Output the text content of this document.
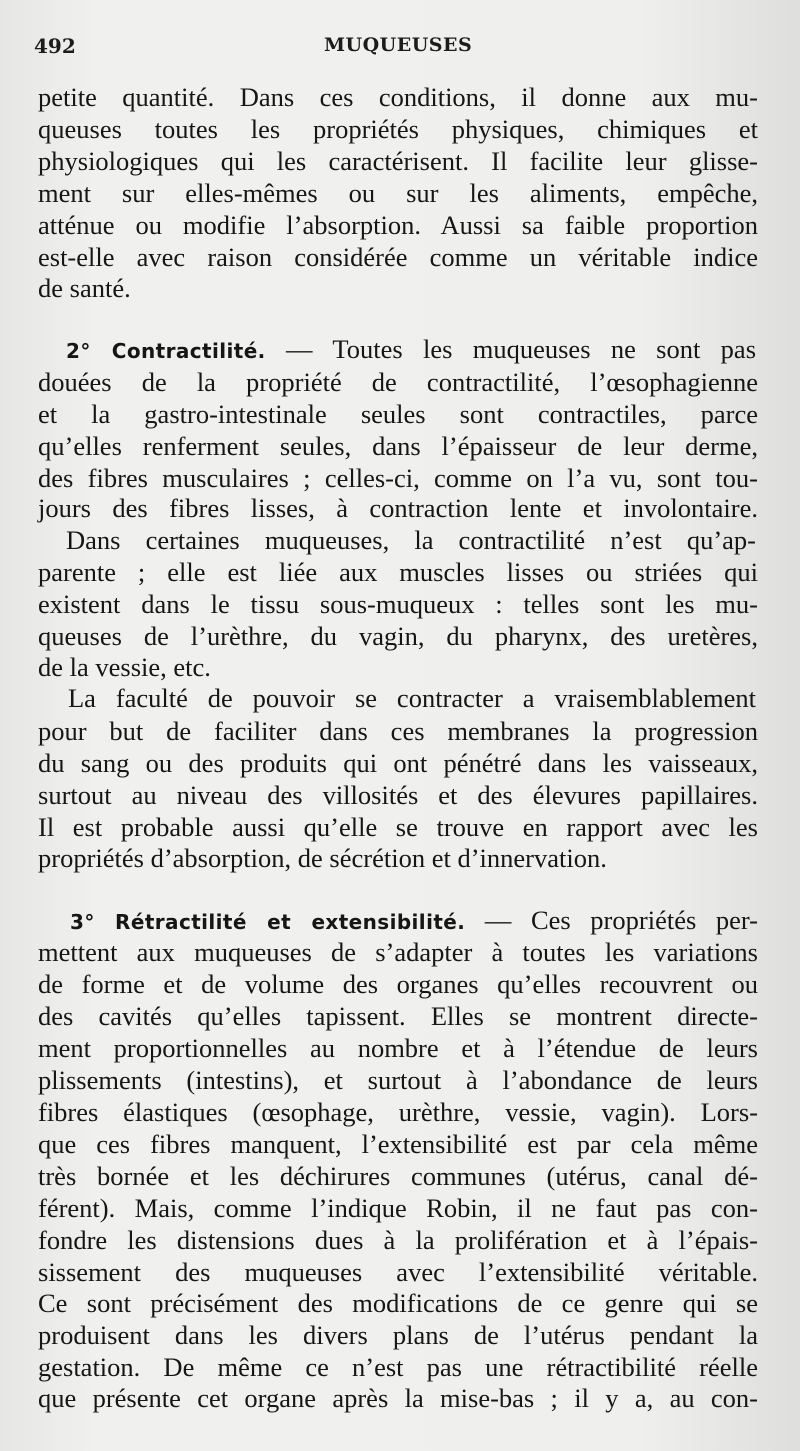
492	MUQUEUSES
petite quantité. Dans ces conditions, il donne aux mu-
queuses toutes les propriétés physiques, chimiques et
physiologiques qui les caractérisent. Il facilite leur glisse-
ment sur elles-mêmes ou sur les aliments, empêche,
atténue ou modifie l’absorption. Aussi sa faible proportion
est-elle avec raison considérée comme un véritable indice
de santé.
2° Contractilité. — Toutes les muqueuses ne sont pas
douées de la propriété de contractilité, l’œsophagienne
et la gastro-intestinale seules sont contractiles, parce
qu’elles renferment seules, dans l’épaisseur de leur derme,
des fibres musculaires ; celles-ci, comme on l’a vu, sont tou-
jours des fibres lisses, à contraction lente et involontaire.
Dans certaines muqueuses, la contractilité n’est qu’ap-
parente ; elle est liée aux muscles lisses ou striées qui
existent dans le tissu sous-muqueux : telles sont les mu-
queuses de l’urèthre, du vagin, du pharynx, des uretères,
de la vessie, etc.
La faculté de pouvoir se contracter a vraisemblablement
pour but de faciliter dans ces membranes la progression
du sang ou des produits qui ont pénétré dans les vaisseaux,
surtout au niveau des villosités et des élevures papillaires.
Il est probable aussi qu’elle se trouve en rapport avec les
propriétés d’absorption, de sécrétion et d’innervation.
3° Rétractilité et extensibilité. — Ces propriétés per-
mettent aux muqueuses de s’adapter à toutes les variations
de forme et de volume des organes qu’elles recouvrent ou
des cavités qu’elles tapissent. Elles se montrent directe-
ment proportionnelles au nombre et à l’étendue de leurs
plissements (intestins), et surtout à l’abondance de leurs
fibres élastiques (œsophage, urèthre, vessie, vagin). Lors-
que ces fibres manquent, l’extensibilité est par cela même
très bornée et les déchirures communes (utérus, canal dé-
férent). Mais, comme l’indique Robin, il ne faut pas con-
fondre les distensions dues à la prolifération et à l’épais-
sissement des muqueuses avec l’extensibilité véritable.
Ce sont précisément des modifications de ce genre qui se
produisent dans les divers plans de l’utérus pendant la
gestation. De même ce n’est pas une rétractibilité réelle
que présente cet organe après la mise-bas ; il y a, au con-
